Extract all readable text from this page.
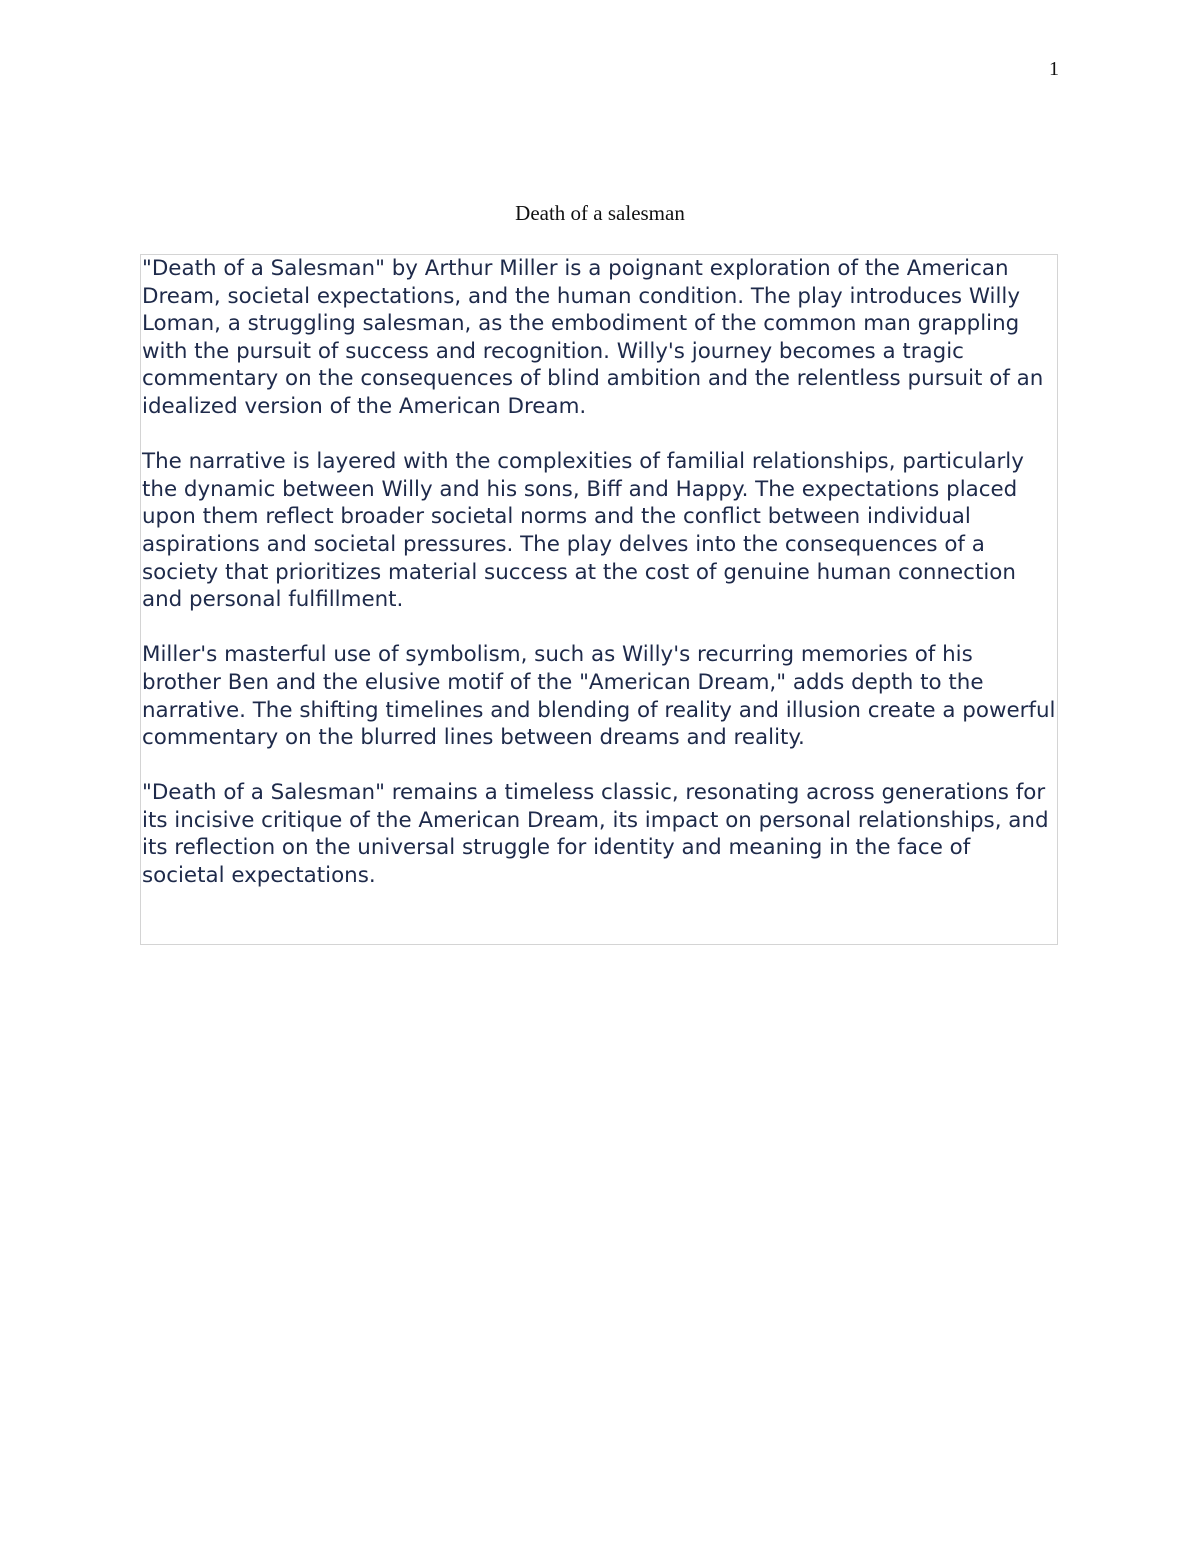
1
Death of a salesman

"Death of a Salesman" by Arthur Miller is a poignant exploration of the American Dream, societal expectations, and the human condition. The play introduces Willy Loman, a struggling salesman, as the embodiment of the common man grappling with the pursuit of success and recognition. Willy's journey becomes a tragic commentary on the consequences of blind ambition and the relentless pursuit of an idealized version of the American Dream.

The narrative is layered with the complexities of familial relationships, particularly the dynamic between Willy and his sons, Biff and Happy. The expectations placed upon them reflect broader societal norms and the conflict between individual aspirations and societal pressures. The play delves into the consequences of a society that prioritizes material success at the cost of genuine human connection and personal fulfillment.

Miller's masterful use of symbolism, such as Willy's recurring memories of his brother Ben and the elusive motif of the "American Dream," adds depth to the narrative. The shifting timelines and blending of reality and illusion create a powerful commentary on the blurred lines between dreams and reality.

"Death of a Salesman" remains a timeless classic, resonating across generations for its incisive critique of the American Dream, its impact on personal relationships, and its reflection on the universal struggle for identity and meaning in the face of societal expectations.
